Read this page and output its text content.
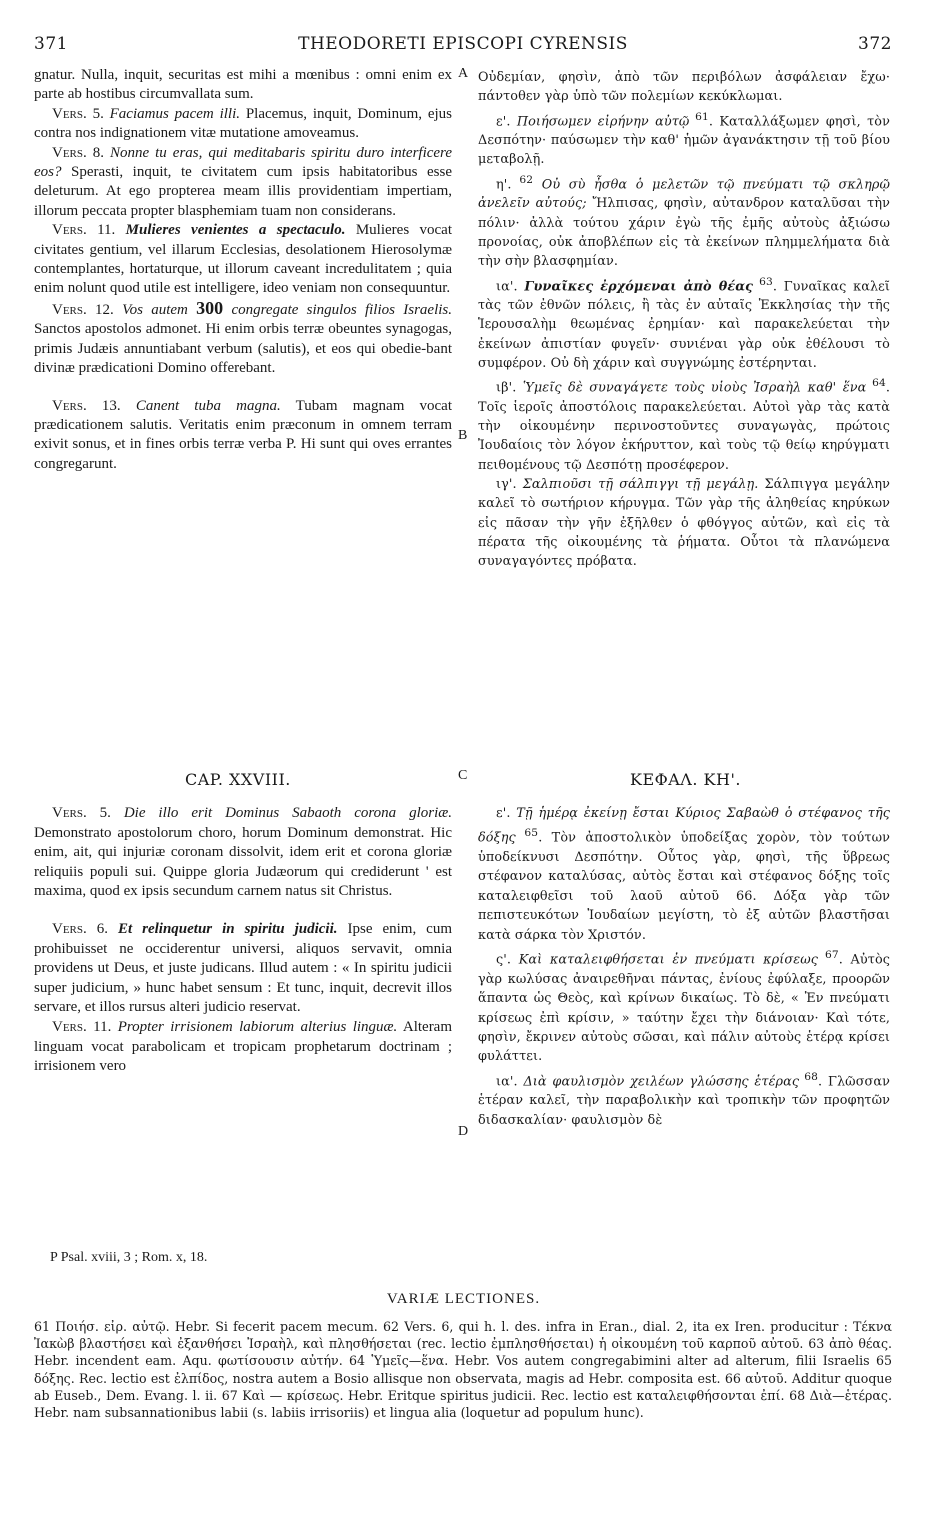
371	THEODORETI EPISCOPI CYRENSIS	372
A
B
C
D

gnatur. Nulla, inquit, securitas est mihi a mœnibus : omni enim ex parte ab hostibus circumvallata sum.

Vers. 5. Faciamus pacem illi. Placemus, inquit, Dominum, ejus contra nos indignationem vitæ mutatione amoveamus.

Vers. 8. Nonne tu eras, qui meditabaris spiritu duro interficere eos? Sperasti, inquit, te civitatem cum ipsis habitatoribus esse deleturum. At ego propterea meam illis providentiam impertiam, illorum peccata propter blasphemiam tuam non considerans.

Vers. 11. Mulieres venientes a spectaculo. Mulieres vocat civitates gentium, vel illarum Ecclesias, desolationem Hierosolymæ contemplantes, hortaturque, ut illorum caveant incredulitatem ; quia enim nolunt quod utile est intelligere, ideo veniam non consequuntur.

Vers. 12. Vos autem 300 congregate singulos filios Israelis. Sanctos apostolos admonet. Hi enim orbis terræ obeuntes synagogas, primis Judæis annuntiabant verbum (salutis), et eos qui obedie-bant divinæ prædicationi Domino offerebant.

Vers. 13. Canent tuba magna. Tubam magnam vocat prædicationem salutis. Veritatis enim præconum in omnem terram exivit sonus, et in fines orbis terræ verba P. Hi sunt qui oves errantes congregarunt.

Οὐδεμίαν, φησὶν, ἀπὸ τῶν περιβόλων ἀσφάλειαν ἔχω· πάντοθεν γὰρ ὑπὸ τῶν πολεμίων κεκύκλωμαι.

ε'. Ποιήσωμεν εἰρήνην αὐτῷ $^{61}$. Καταλλάξωμεν φησὶ, τὸν Δεσπότην· παύσωμεν τὴν καθ' ἡμῶν ἀγανάκτησιν τῇ τοῦ βίου μεταβολῇ.

η'. $^{62}$ Οὐ σὺ ἦσθα ὁ μελετῶν τῷ πνεύματι τῷ σκληρῷ ἀνελεῖν αὐτούς; Ἤλπισας, φησὶν, αὐτανδρον καταλῦσαι τὴν πόλιν· ἀλλὰ τούτου χάριν ἐγὼ τῆς ἐμῆς αὐτοὺς ἀξιώσω προνοίας, οὐκ ἀποβλέπων εἰς τὰ ἐκείνων πλημμελήματα διὰ τὴν σὴν βλασφημίαν.

ια'. Γυναῖκες ἐρχόμεναι ἀπὸ θέας $^{63}$. Γυναῖκας καλεῖ τὰς τῶν ἐθνῶν πόλεις, ἢ τὰς ἐν αὐταῖς Ἐκκλησίας τὴν τῆς Ἱερουσαλὴμ θεωμένας ἐρημίαν· καὶ παρακελεύεται τὴν ἐκείνων ἀπιστίαν φυγεῖν· συνιέναι γὰρ οὐκ ἐθέλουσι τὸ συμφέρον. Οὐ δὴ χάριν καὶ συγγνώμης ἐστέρηνται.

ιβ'. Ὑμεῖς δὲ συναγάγετε τοὺς υἱοὺς Ἰσραὴλ καθ' ἕνα $^{64}$. Τοῖς ἱεροῖς ἀποστόλοις παρακελεύεται. Αὐτοὶ γὰρ τὰς κατὰ τὴν οἰκουμένην περινοστοῦντες συναγωγὰς, πρώτοις Ἰουδαίοις τὸν λόγον ἐκήρυττον, καὶ τοὺς τῷ θείῳ κηρύγματι πειθομένους τῷ Δεσπότῃ προσέφερον.

ιγ'. Σαλπιοῦσι τῇ σάλπιγγι τῇ μεγάλῃ. Σάλπιγγα μεγάλην καλεῖ τὸ σωτήριον κήρυγμα. Τῶν γὰρ τῆς ἀληθείας κηρύκων εἰς πᾶσαν τὴν γῆν ἐξῆλθεν ὁ φθόγγος αὐτῶν, καὶ εἰς τὰ πέρατα τῆς οἰκουμένης τὰ ῥήματα. Οὗτοι τὰ πλανώμενα συναγαγόντες πρόβατα.

CAP. XXVIII.	ΚΕΦΑΛ. ΚΗ'.

Vers. 5. Die illo erit Dominus Sabaoth corona gloriæ. Demonstrato apostolorum choro, horum Dominum demonstrat. Hic enim, ait, qui injuriæ coronam dissolvit, idem erit et corona gloriæ reliquiis populi sui. Quippe gloria Judæorum qui crediderunt ' est maxima, quod ex ipsis secundum carnem natus sit Christus.

Vers. 6. Et relinquetur in spiritu judicii. Ipse enim, cum prohibuisset ne occiderentur universi, aliquos servavit, omnia providens ut Deus, et juste judicans. Illud autem : « In spiritu judicii super judicium, » hunc habet sensum : Et tunc, inquit, decrevit illos servare, et illos rursus alteri judicio reservat.

Vers. 11. Propter irrisionem labiorum alterius linguæ. Alteram linguam vocat parabolicam et tropicam prophetarum doctrinam ; irrisionem vero

ε'. Τῇ ἡμέρᾳ ἐκείνῃ ἔσται Κύριος Σαβαὼθ ὁ στέφανος τῆς δόξης $^{65}$. Τὸν ἀποστολικὸν ὑποδείξας χορὸν, τὸν τούτων ὑποδείκνυσι Δεσπότην. Οὗτος γὰρ, φησὶ, τῆς ὕβρεως στέφανον καταλύσας, αὐτὸς ἔσται καὶ στέφανος δόξης τοῖς καταλειφθεῖσι τοῦ λαοῦ αὐτοῦ 66. Δόξα γὰρ τῶν πεπιστευκότων Ἰουδαίων μεγίστη, τὸ ἐξ αὐτῶν βλαστῆσαι κατὰ σάρκα τὸν Χριστόν.

ς'. Καὶ καταλειφθήσεται ἐν πνεύματι κρίσεως $^{67}$. Αὐτὸς γὰρ κωλύσας ἀναιρεθῆναι πάντας, ἐνίους ἐφύλαξε, προορῶν ἅπαντα ὡς Θεὸς, καὶ κρίνων δικαίως. Τὸ δὲ, « Ἐν πνεύματι κρίσεως ἐπὶ κρίσιν, » ταύτην ἔχει τὴν διάνοιαν· Καὶ τότε, φησὶν, ἔκρινεν αὐτοὺς σῶσαι, καὶ πάλιν αὐτοὺς ἑτέρᾳ κρίσει φυλάττει.

ια'. Διὰ φαυλισμὸν χειλέων γλώσσης ἑτέρας $^{68}$. Γλῶσσαν ἑτέραν καλεῖ, τὴν παραβολικὴν καὶ τροπικὴν τῶν προφητῶν διδασκαλίαν· φαυλισμὸν δὲ

P Psal. xviii, 3 ; Rom. x, 18.
VARIÆ LECTIONES.
61 Ποιήσ. εἰρ. αὐτῷ. Hebr. Si fecerit pacem mecum. 62 Vers. 6, qui h. l. des. infra in Eran., dial. 2, ita ex Iren. producitur : Τέκνα Ἰακὼβ βλαστήσει καὶ ἐξανθήσει Ἰσραὴλ, καὶ πλησθήσεται (rec. lectio ἐμπλησθήσεται) ἡ οἰκουμένη τοῦ καρποῦ αὐτοῦ. 63 ἀπὸ θέας. Hebr. incendent eam. Aqu. φωτίσουσιν αὐτήν. 64 Ὑμεῖς—ἕνα. Hebr. Vos autem congregabimini alter ad alterum, filii Israelis 65 δόξης. Rec. lectio est ἐλπίδος, nostra autem a Bosio allisque non observata, magis ad Hebr. composita est. 66 αὐτοῦ. Additur quoque ab Euseb., Dem. Evang. l. ii. 67 Καὶ — κρίσεως. Hebr. Eritque spiritus judicii. Rec. lectio est καταλειφθήσονται ἐπί. 68 Διὰ—ἑτέρας. Hebr. nam subsannationibus labii (s. labiis irrisoriis) et lingua alia (loquetur ad populum hunc).
